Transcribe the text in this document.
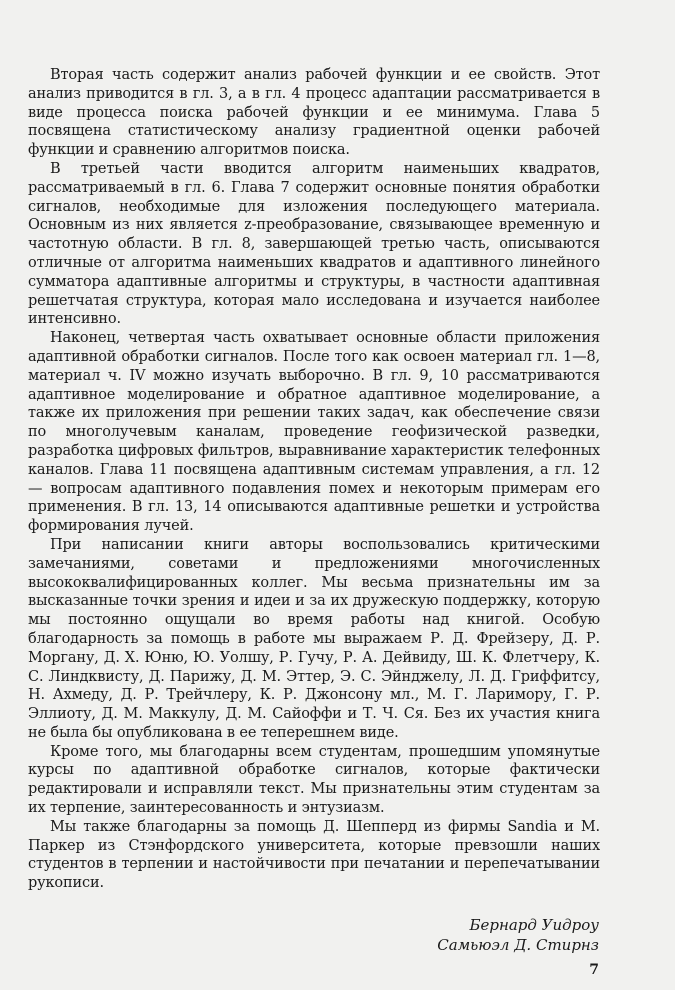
Вторая часть содержит анализ рабочей функции и ее свойств. Этот анализ приводится в гл. 3, а в гл. 4 процесс адаптации рассматривается в виде процесса поиска рабочей функции и ее минимума. Глава 5 посвящена статистическому анализу градиентной оценки рабочей функции и сравнению алгоритмов поиска.

В третьей части вводится алгоритм наименьших квадратов, рассматриваемый в гл. 6. Глава 7 содержит основные понятия обработки сигналов, необходимые для изложения последующего материала. Основным из них является z-преобразование, связывающее временную и частотную области. В гл. 8, завершающей третью часть, описываются отличные от алгоритма наименьших квадратов и адаптивного линейного сумматора адаптивные алгоритмы и структуры, в частности адаптивная решетчатая структура, которая мало исследована и изучается наиболее интенсивно.

Наконец, четвертая часть охватывает основные области приложения адаптивной обработки сигналов. После того как освоен материал гл. 1—8, материал ч. IV можно изучать выборочно. В гл. 9, 10 рассматриваются адаптивное моделирование и обратное адаптивное моделирование, а также их приложения при решении таких задач, как обеспечение связи по многолучевым каналам, проведение геофизической разведки, разработка цифровых фильтров, выравнивание характеристик телефонных каналов. Глава 11 посвящена адаптивным системам управления, а гл. 12 — вопросам адаптивного подавления помех и некоторым примерам его применения. В гл. 13, 14 описываются адаптивные решетки и устройства формирования лучей.

При написании книги авторы воспользовались критическими замечаниями, советами и предложениями многочисленных высококвалифицированных коллег. Мы весьма признательны им за высказанные точки зрения и идеи и за их дружескую поддержку, которую мы постоянно ощущали во время работы над книгой. Особую благодарность за помощь в работе мы выражаем Р. Д. Фрейзеру, Д. Р. Моргану, Д. Х. Юню, Ю. Уолшу, Р. Гучу, Р. А. Дейвиду, Ш. К. Флетчеру, К. С. Линдквисту, Д. Парижу, Д. М. Эттер, Э. С. Эйнджелу, Л. Д. Гриффитсу, Н. Ахмеду, Д. Р. Трейчлеру, К. Р. Джонсону мл., М. Г. Ларимору, Г. Р. Эллиоту, Д. М. Маккулу, Д. М. Сайоффи и Т. Ч. Ся. Без их участия книга не была бы опубликована в ее теперешнем виде.

Кроме того, мы благодарны всем студентам, прошедшим упомянутые курсы по адаптивной обработке сигналов, которые фактически редактировали и исправляли текст. Мы признательны этим студентам за их терпение, заинтересованность и энтузиазм.

Мы также благодарны за помощь Д. Шепперд из фирмы Sandia и М. Паркер из Стэнфордского университета, которые превзошли наших студентов в терпении и настойчивости при печатании и перепечатывании рукописи.

Бернард Уидроу
Самьюэл Д. Стирнз
7
